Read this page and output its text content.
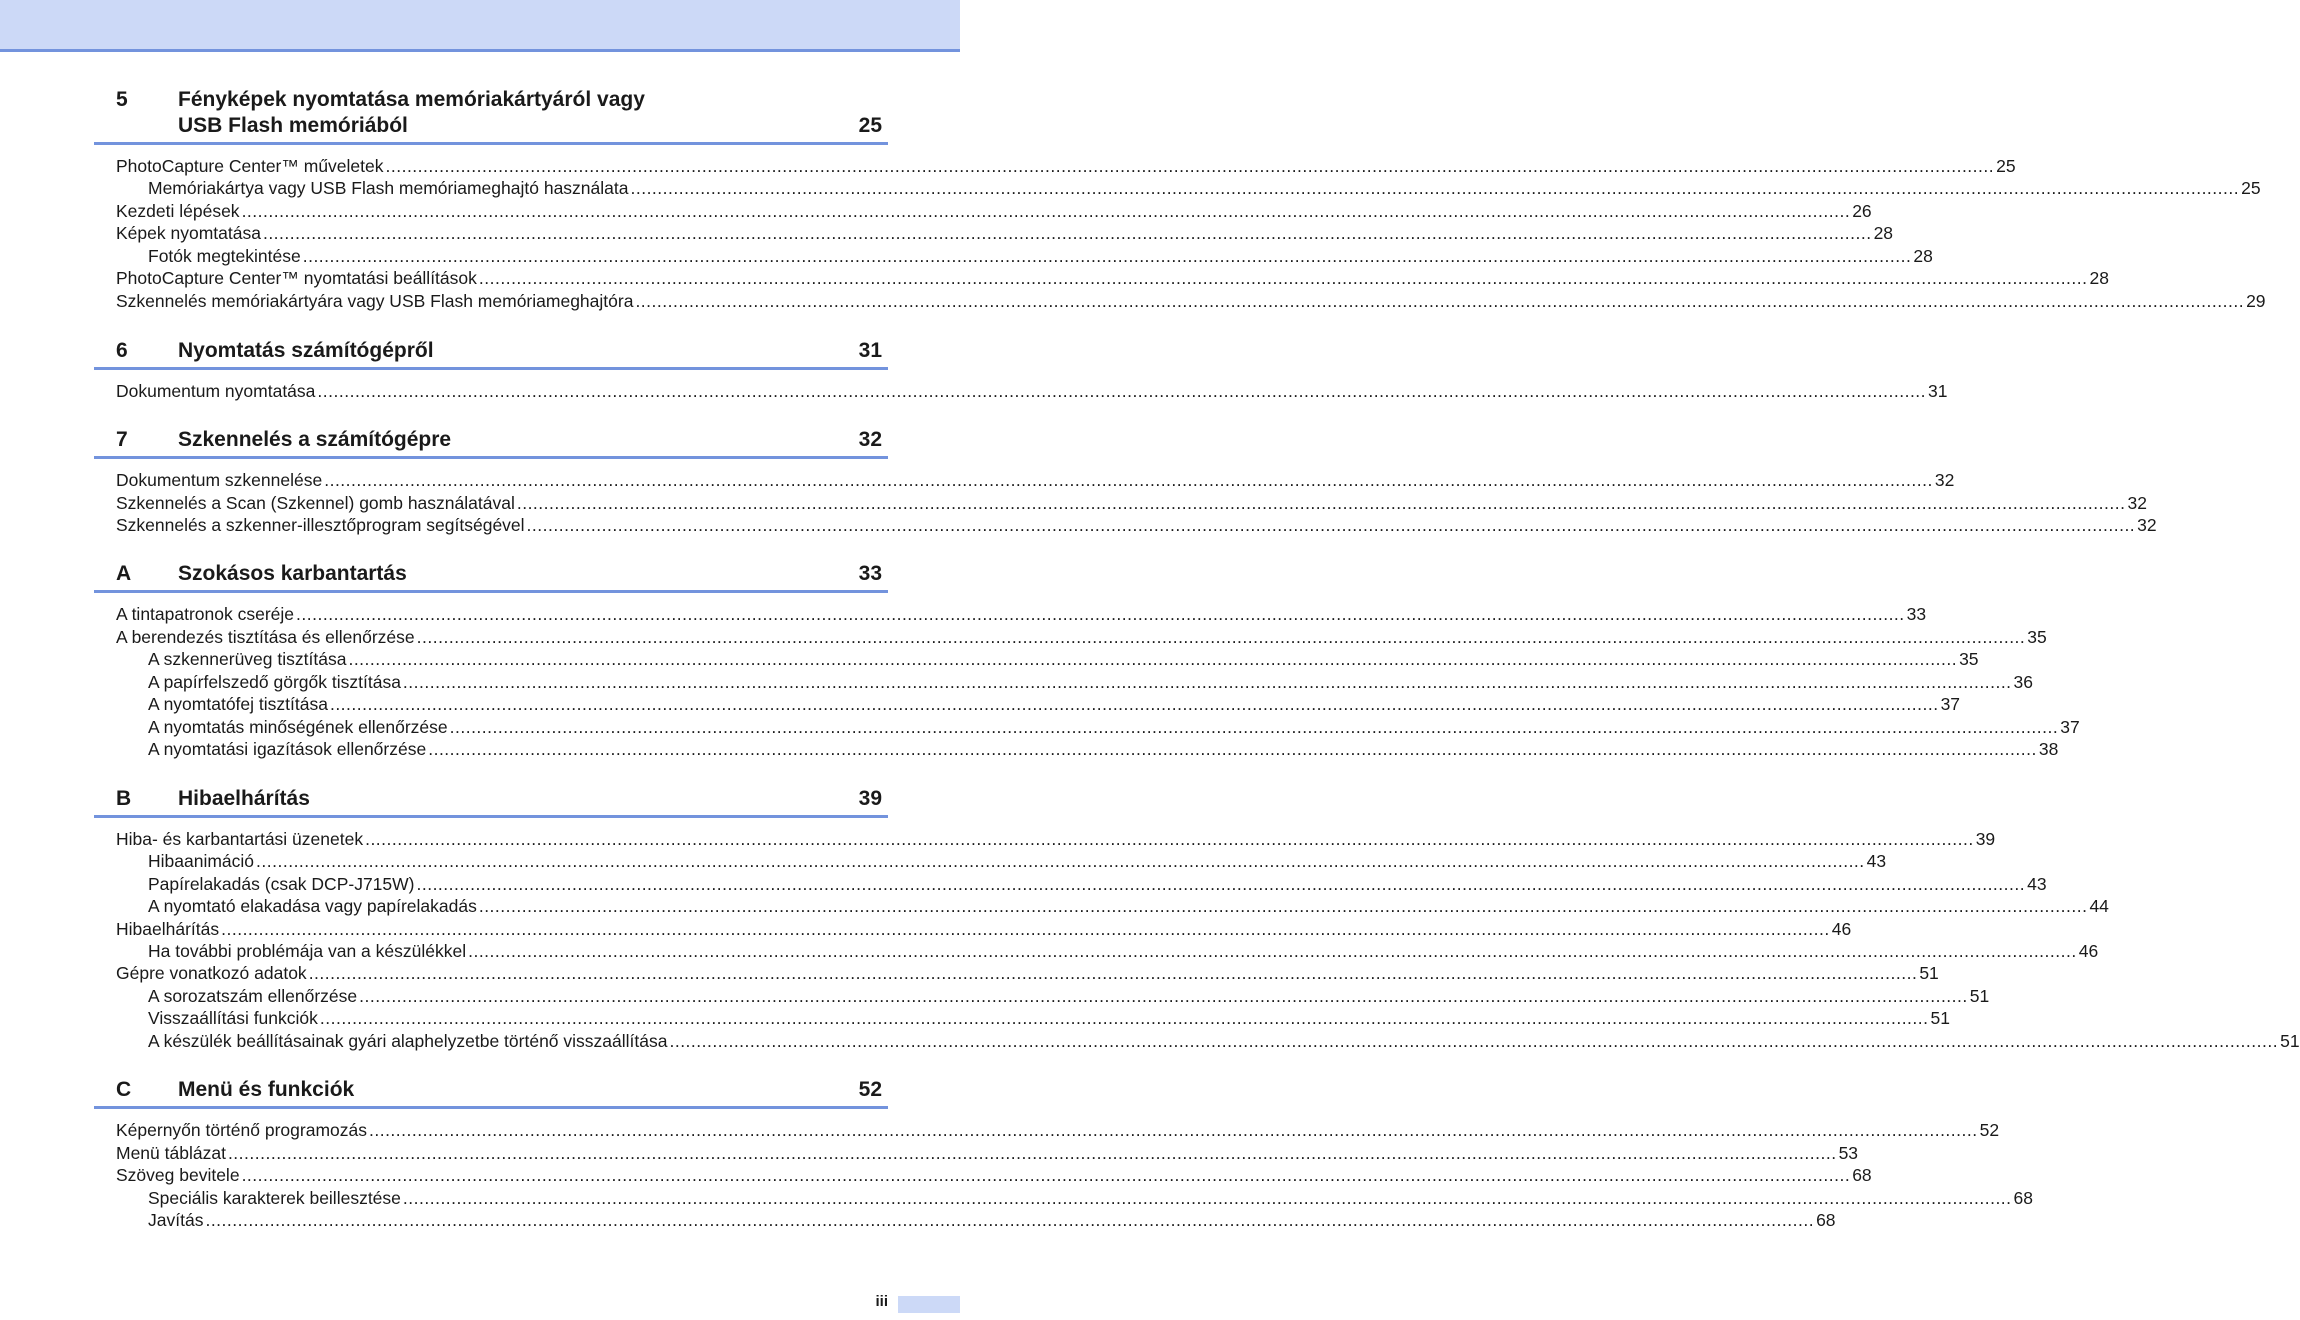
5 Fényképek nyomtatása memóriakártyáról vagy
USB Flash memóriából	25
PhotoCapture Center™ műveletek ............................................................................................................................................................................................................................................................................................................ 25
Memóriakártya vagy USB Flash memóriameghajtó használata ............................................................................................................................................................................................................................................................................................................ 25
Kezdeti lépések ............................................................................................................................................................................................................................................................................................................ 26
Képek nyomtatása ............................................................................................................................................................................................................................................................................................................ 28
Fotók megtekintése ............................................................................................................................................................................................................................................................................................................ 28
PhotoCapture Center™ nyomtatási beállítások ............................................................................................................................................................................................................................................................................................................ 28
Szkennelés memóriakártyára vagy USB Flash memóriameghajtóra ............................................................................................................................................................................................................................................................................................................ 29
6 Nyomtatás számítógépről	31
Dokumentum nyomtatása ............................................................................................................................................................................................................................................................................................................ 31
7 Szkennelés a számítógépre	32
Dokumentum szkennelése ............................................................................................................................................................................................................................................................................................................ 32
Szkennelés a Scan (Szkennel) gomb használatával ............................................................................................................................................................................................................................................................................................................ 32
Szkennelés a szkenner-illesztőprogram segítségével ............................................................................................................................................................................................................................................................................................................ 32
A Szokásos karbantartás	33
A tintapatronok cseréje ............................................................................................................................................................................................................................................................................................................ 33
A berendezés tisztítása és ellenőrzése ............................................................................................................................................................................................................................................................................................................ 35
A szkennerüveg tisztítása ............................................................................................................................................................................................................................................................................................................ 35
A papírfelszedő görgők tisztítása ............................................................................................................................................................................................................................................................................................................ 36
A nyomtatófej tisztítása ............................................................................................................................................................................................................................................................................................................ 37
A nyomtatás minőségének ellenőrzése ............................................................................................................................................................................................................................................................................................................ 37
A nyomtatási igazítások ellenőrzése ............................................................................................................................................................................................................................................................................................................ 38
B Hibaelhárítás	39
Hiba- és karbantartási üzenetek ............................................................................................................................................................................................................................................................................................................ 39
Hibaanimáció ............................................................................................................................................................................................................................................................................................................ 43
Papírelakadás (csak DCP-J715W) ............................................................................................................................................................................................................................................................................................................ 43
A nyomtató elakadása vagy papírelakadás ............................................................................................................................................................................................................................................................................................................ 44
Hibaelhárítás ............................................................................................................................................................................................................................................................................................................ 46
Ha további problémája van a készülékkel ............................................................................................................................................................................................................................................................................................................ 46
Gépre vonatkozó adatok ............................................................................................................................................................................................................................................................................................................ 51
A sorozatszám ellenőrzése ............................................................................................................................................................................................................................................................................................................ 51
Visszaállítási funkciók ............................................................................................................................................................................................................................................................................................................ 51
A készülék beállításainak gyári alaphelyzetbe történő visszaállítása ............................................................................................................................................................................................................................................................................................................ 51
C Menü és funkciók	52
Képernyőn történő programozás ............................................................................................................................................................................................................................................................................................................ 52
Menü táblázat ............................................................................................................................................................................................................................................................................................................ 53
Szöveg bevitele ............................................................................................................................................................................................................................................................................................................ 68
Speciális karakterek beillesztése ............................................................................................................................................................................................................................................................................................................ 68
Javítás ............................................................................................................................................................................................................................................................................................................ 68
iii
